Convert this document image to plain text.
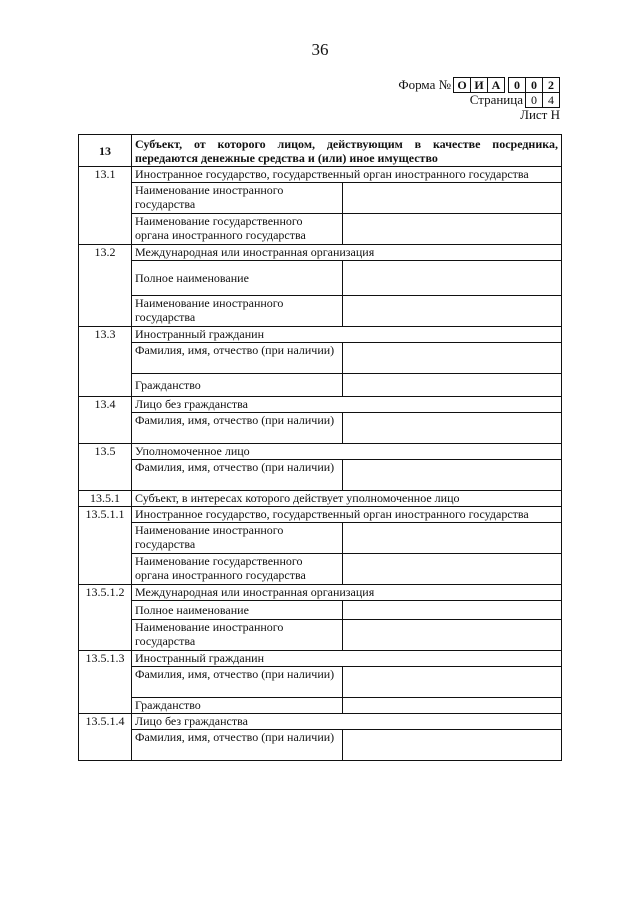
36
Форма № О И А	0 0 2
Страница 0 4
Лист Н
13	Субъект, от которого лицом, действующим в качестве посредника, передаются денежные средства и (или) иное имущество	
13.1	Иностранное государство, государственный орган иностранного государства	
	Наименование иностранного государства	
	Наименование государственного органа иностранного государства	
13.2	Международная или иностранная организация	
	Полное наименование	
	Наименование иностранного государства	
13.3	Иностранный гражданин	
	Фамилия, имя, отчество (при наличии)	
	Гражданство	
13.4	Лицо без гражданства	
	Фамилия, имя, отчество (при наличии)	
13.5	Уполномоченное лицо	
	Фамилия, имя, отчество (при наличии)	
13.5.1	Субъект, в интересах которого действует уполномоченное лицо	
13.5.1.1	Иностранное государство, государственный орган иностранного государства	
	Наименование иностранного государства	
	Наименование государственного органа иностранного государства	
13.5.1.2	Международная или иностранная организация	
	Полное наименование	
	Наименование иностранного государства	
13.5.1.3	Иностранный гражданин	
	Фамилия, имя, отчество (при наличии)	
	Гражданство	
13.5.1.4	Лицо без гражданства	
	Фамилия, имя, отчество (при наличии)	
